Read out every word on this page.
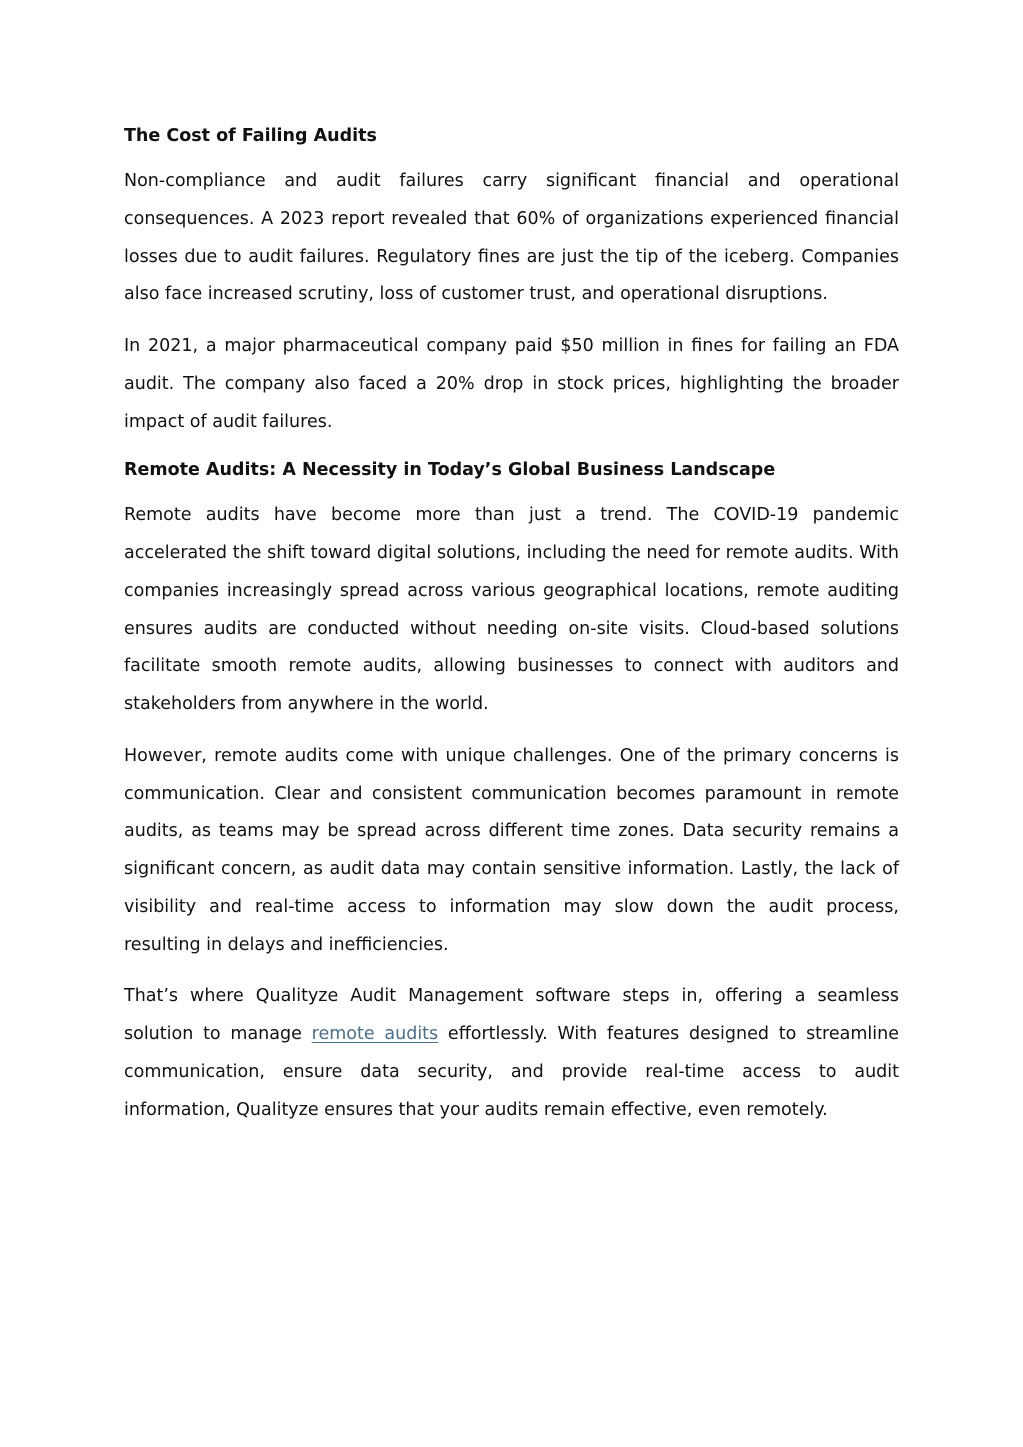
The Cost of Failing Audits

Non-compliance and audit failures carry significant financial and operational consequences. A 2023 report revealed that 60% of organizations experienced financial losses due to audit failures. Regulatory fines are just the tip of the iceberg. Companies also face increased scrutiny, loss of customer trust, and operational disruptions.

In 2021, a major pharmaceutical company paid $50 million in fines for failing an FDA audit. The company also faced a 20% drop in stock prices, highlighting the broader impact of audit failures.

Remote Audits: A Necessity in Today’s Global Business Landscape

Remote audits have become more than just a trend. The COVID-19 pandemic accelerated the shift toward digital solutions, including the need for remote audits. With companies increasingly spread across various geographical locations, remote auditing ensures audits are conducted without needing on-site visits. Cloud-based solutions facilitate smooth remote audits, allowing businesses to connect with auditors and stakeholders from anywhere in the world.

However, remote audits come with unique challenges. One of the primary concerns is communication. Clear and consistent communication becomes paramount in remote audits, as teams may be spread across different time zones. Data security remains a significant concern, as audit data may contain sensitive information. Lastly, the lack of visibility and real-time access to information may slow down the audit process, resulting in delays and inefficiencies.

That’s where Qualityze Audit Management software steps in, offering a seamless solution to manage remote audits effortlessly. With features designed to streamline communication, ensure data security, and provide real-time access to audit information, Qualityze ensures that your audits remain effective, even remotely.
